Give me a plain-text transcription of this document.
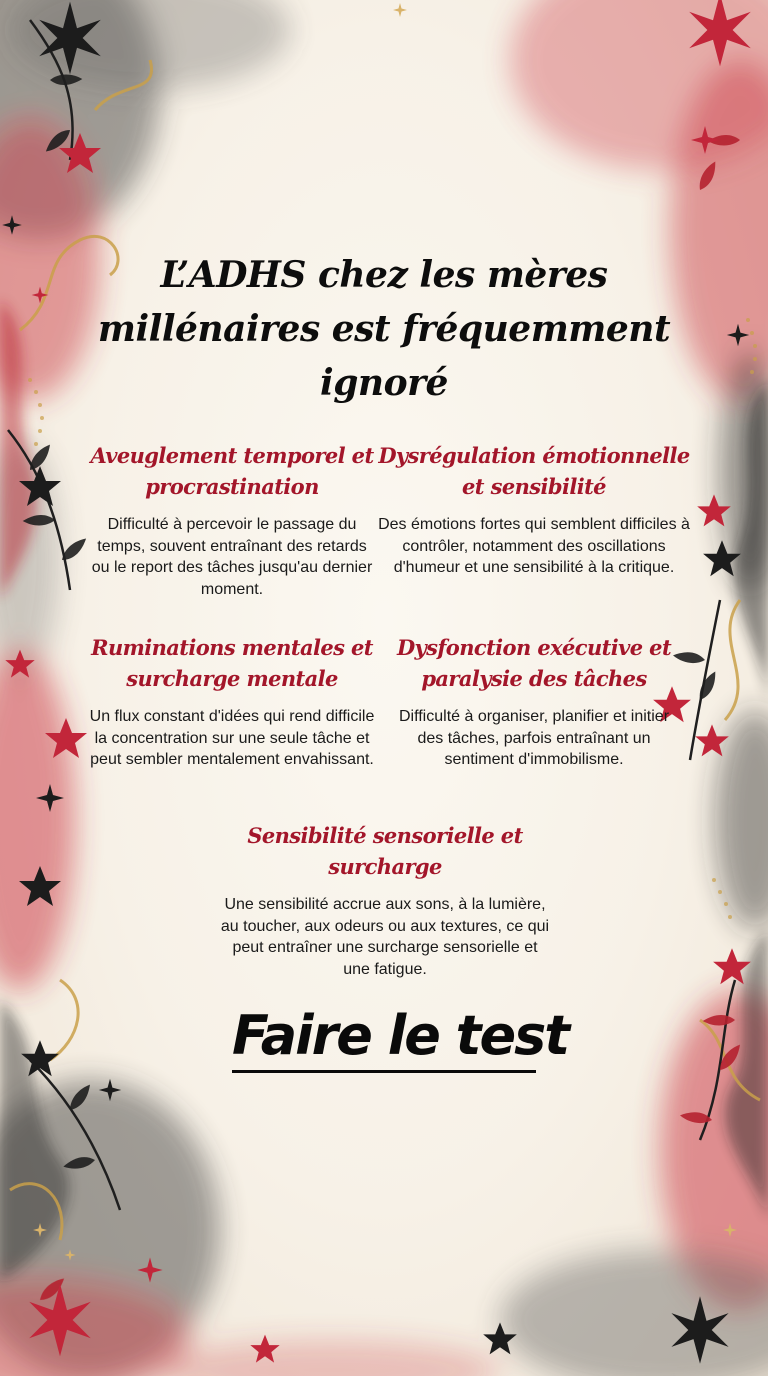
L’ADHS chez les mères millénaires est fréquemment ignoré
Aveuglement temporel et procrastination

Difficulté à percevoir le passage du temps, souvent entraînant des retards ou le report des tâches jusqu'au dernier moment.

Dysrégulation émotionnelle et sensibilité

Des émotions fortes qui semblent difficiles à contrôler, notamment des oscillations d'humeur et une sensibilité à la critique.

Ruminations mentales et surcharge mentale

Un flux constant d'idées qui rend difficile la concentration sur une seule tâche et peut sembler mentalement envahissant.

Dysfonction exécutive et paralysie des tâches

Difficulté à organiser, planifier et initier des tâches, parfois entraînant un sentiment d'immobilisme.

Sensibilité sensorielle et surcharge

Une sensibilité accrue aux sons, à la lumière, au toucher, aux odeurs ou aux textures, ce qui peut entraîner une surcharge sensorielle et une fatigue.

Faire le test
